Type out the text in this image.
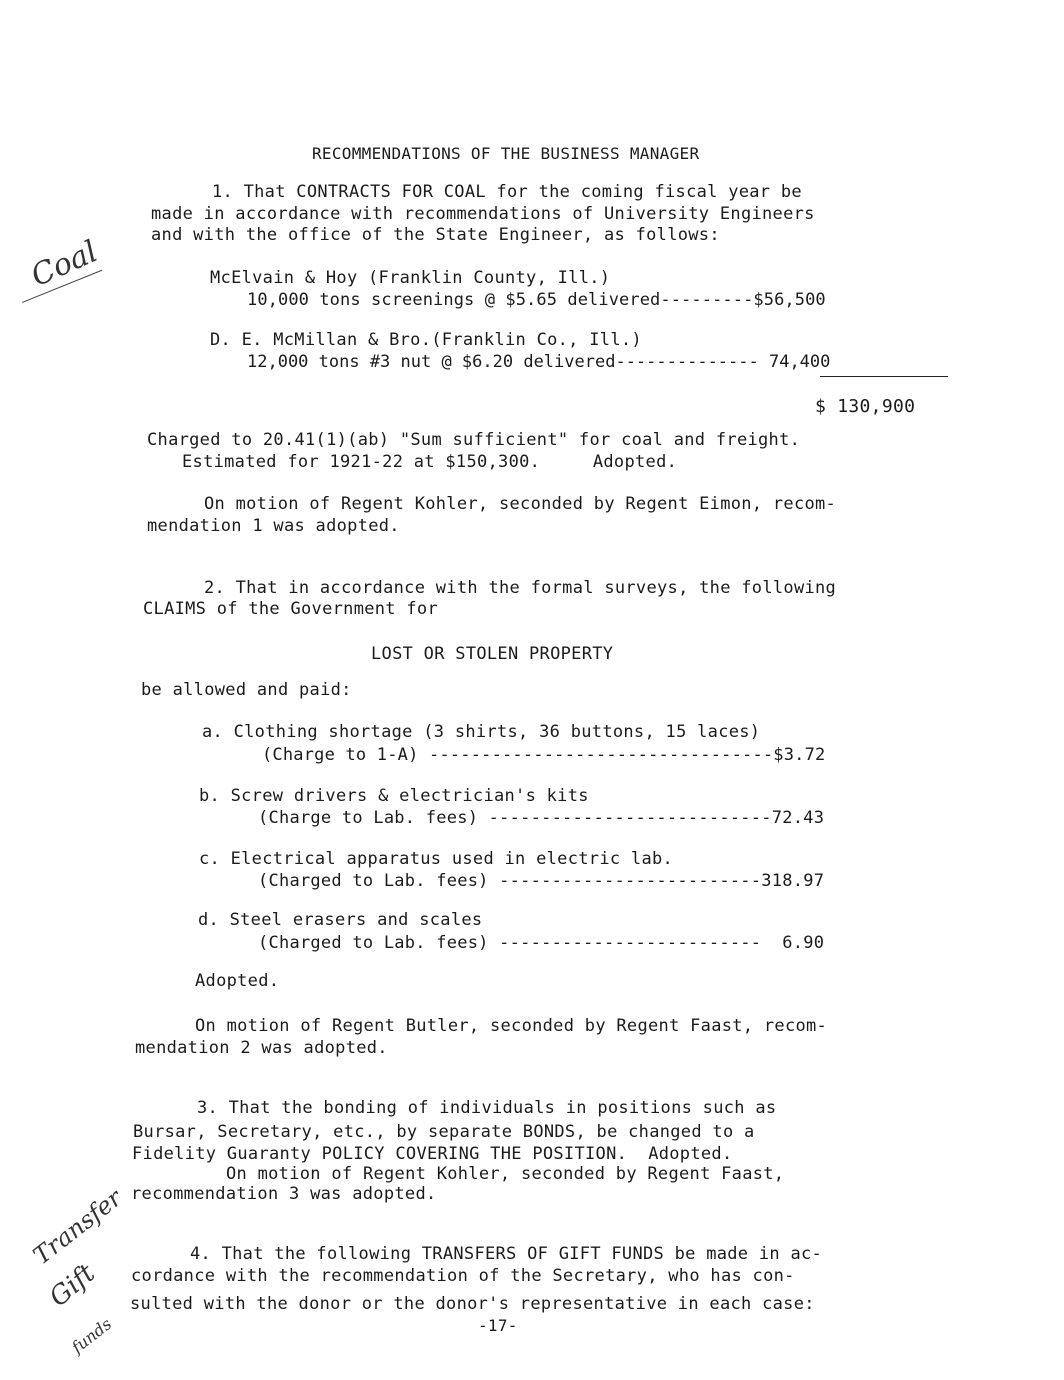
RECOMMENDATIONS OF THE BUSINESS MANAGER
Coal
1. That CONTRACTS FOR COAL for the coming fiscal year be
made in accordance with recommendations of University Engineers
and with the office of the State Engineer, as follows:
McElvain & Hoy (Franklin County, Ill.)
10,000 tons screenings @ $5.65 delivered---------$56,500
D. E. McMillan & Bro.(Franklin Co., Ill.)
12,000 tons #3 nut @ $6.20 delivered-------------- 74,400
$ 130,900
Charged to 20.41(1)(ab) "Sum sufficient" for coal and freight.
Estimated for 1921-22 at $150,300.     Adopted.
On motion of Regent Kohler, seconded by Regent Eimon, recom-
mendation 1 was adopted.
2. That in accordance with the formal surveys, the following
CLAIMS of the Government for
LOST OR STOLEN PROPERTY
be allowed and paid:
a. Clothing shortage (3 shirts, 36 buttons, 15 laces)
(Charge to 1-A) ---------------------------------$3.72
b. Screw drivers & electrician's kits
(Charge to Lab. fees) ---------------------------72.43
c. Electrical apparatus used in electric lab.
(Charged to Lab. fees) -------------------------318.97
d. Steel erasers and scales
(Charged to Lab. fees) -------------------------  6.90
Adopted.
On motion of Regent Butler, seconded by Regent Faast, recom-
mendation 2 was adopted.
3. That the bonding of individuals in positions such as
Bursar, Secretary, etc., by separate BONDS, be changed to a
Fidelity Guaranty POLICY COVERING THE POSITION.  Adopted.
On motion of Regent Kohler, seconded by Regent Faast,
recommendation 3 was adopted.
Transfer
Gift
funds
4. That the following TRANSFERS OF GIFT FUNDS be made in ac-
cordance with the recommendation of the Secretary, who has con-
sulted with the donor or the donor's representative in each case:
-17-
